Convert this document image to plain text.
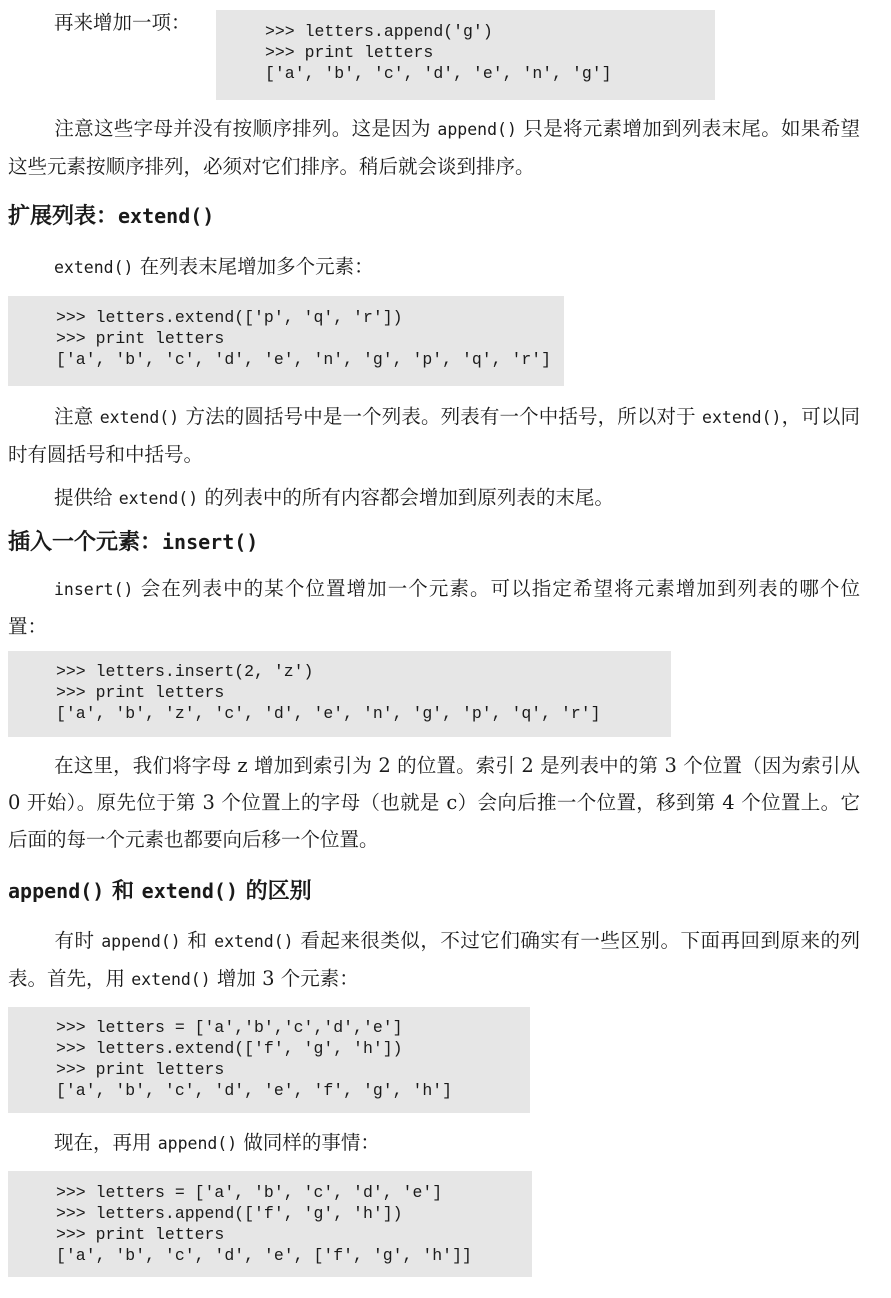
再来增加一项：	>>> letters.append('g')
>>> print letters
['a', 'b', 'c', 'd', 'e', 'n', 'g']

注意这些字母并没有按顺序排列。这是因为 append() 只是将元素增加到列表末尾。如果希望这些元素按顺序排列，必须对它们排序。稍后就会谈到排序。

扩展列表：extend()

extend() 在列表末尾增加多个元素：

>>> letters.extend(['p', 'q', 'r'])
>>> print letters
['a', 'b', 'c', 'd', 'e', 'n', 'g', 'p', 'q', 'r']

注意 extend() 方法的圆括号中是一个列表。列表有一个中括号，所以对于 extend()，可以同时有圆括号和中括号。

提供给 extend() 的列表中的所有内容都会增加到原列表的末尾。

插入一个元素：insert()

insert() 会在列表中的某个位置增加一个元素。可以指定希望将元素增加到列表的哪个位置：

>>> letters.insert(2, 'z')
>>> print letters
['a', 'b', 'z', 'c', 'd', 'e', 'n', 'g', 'p', 'q', 'r']

在这里，我们将字母 z 增加到索引为 2 的位置。索引 2 是列表中的第 3 个位置（因为索引从 0 开始）。原先位于第 3 个位置上的字母（也就是 c）会向后推一个位置，移到第 4 个位置上。它后面的每一个元素也都要向后移一个位置。

append() 和 extend() 的区别

有时 append() 和 extend() 看起来很类似，不过它们确实有一些区别。下面再回到原来的列表。首先，用 extend() 增加 3 个元素：

>>> letters = ['a','b','c','d','e']
>>> letters.extend(['f', 'g', 'h'])
>>> print letters
['a', 'b', 'c', 'd', 'e', 'f', 'g', 'h']

现在，再用 append() 做同样的事情：

>>> letters = ['a', 'b', 'c', 'd', 'e']
>>> letters.append(['f', 'g', 'h'])
>>> print letters
['a', 'b', 'c', 'd', 'e', ['f', 'g', 'h']]
